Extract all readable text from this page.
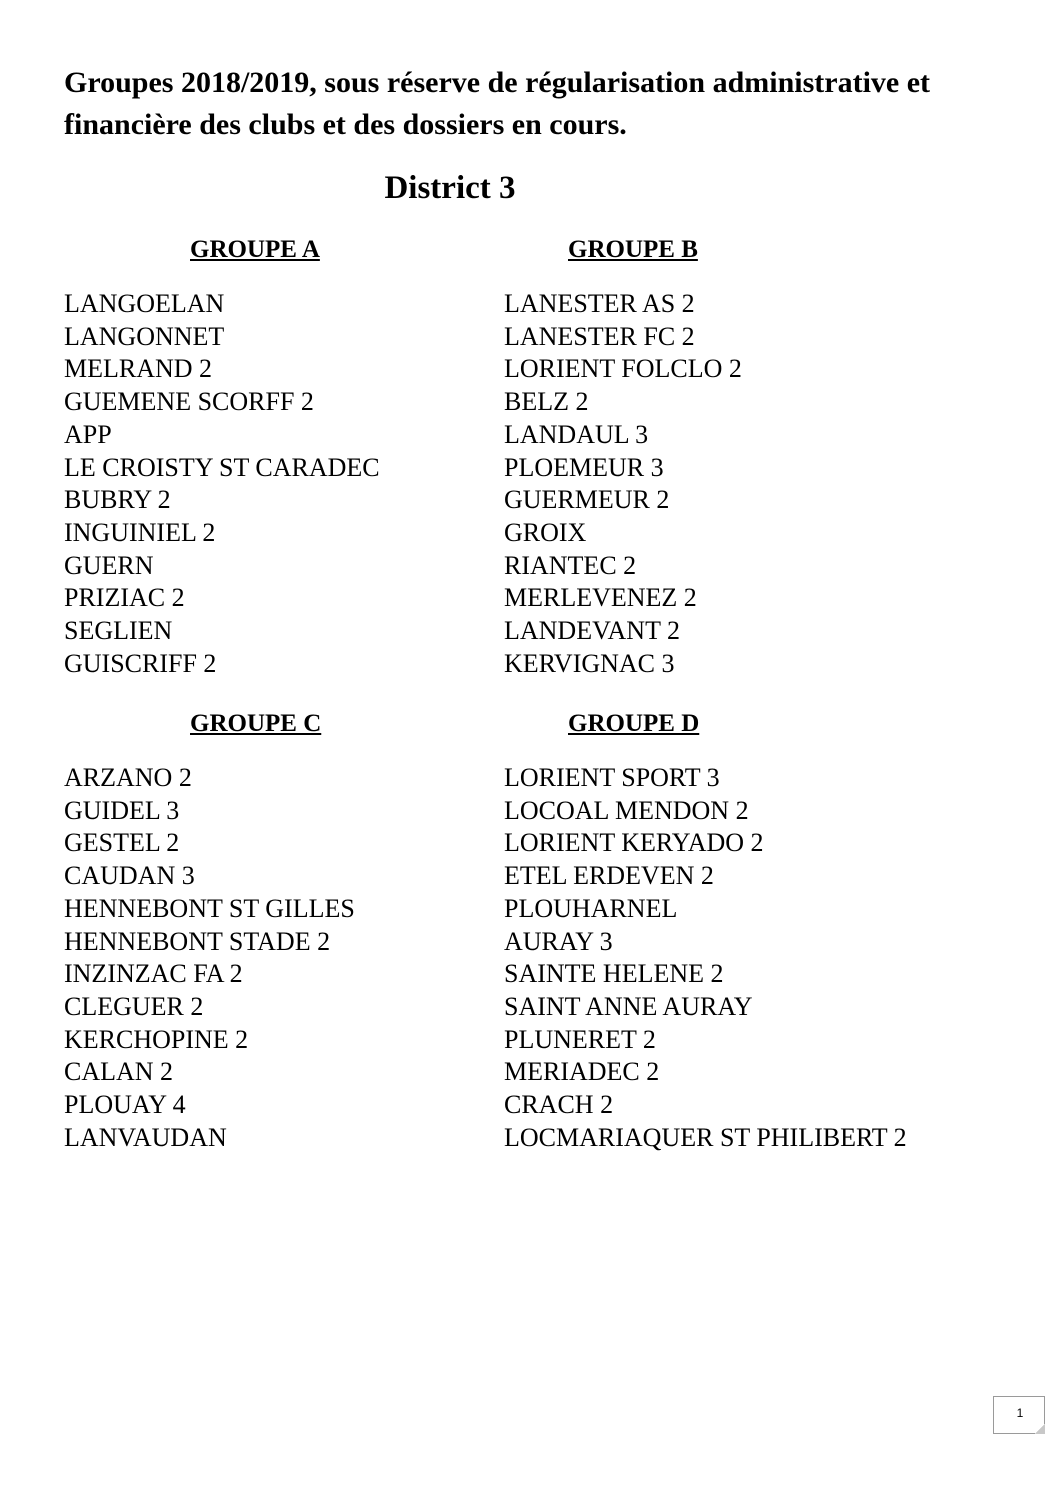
Groupes 2018/2019, sous réserve de régularisation administrative et financière des clubs et des dossiers en cours.

District 3
GROUPE A
LANGOELAN
LANGONNET
MELRAND 2
GUEMENE SCORFF 2
APP
LE CROISTY ST CARADEC
BUBRY 2
INGUINIEL 2
GUERN
PRIZIAC 2
SEGLIEN
GUISCRIFF 2
GROUPE B
LANESTER AS 2
LANESTER FC 2
LORIENT FOLCLO 2
BELZ 2
LANDAUL 3
PLOEMEUR 3
GUERMEUR 2
GROIX
RIANTEC 2
MERLEVENEZ 2
LANDEVANT 2
KERVIGNAC 3
GROUPE C
ARZANO 2
GUIDEL 3
GESTEL 2
CAUDAN 3
HENNEBONT ST GILLES
HENNEBONT STADE 2
INZINZAC FA 2
CLEGUER 2
KERCHOPINE 2
CALAN 2
PLOUAY 4
LANVAUDAN
GROUPE D
LORIENT SPORT 3
LOCOAL MENDON 2
LORIENT KERYADO 2
ETEL ERDEVEN 2
PLOUHARNEL
AURAY 3
SAINTE HELENE 2
SAINT ANNE AURAY
PLUNERET 2
MERIADEC 2
CRACH 2
LOCMARIAQUER ST PHILIBERT 2
1
